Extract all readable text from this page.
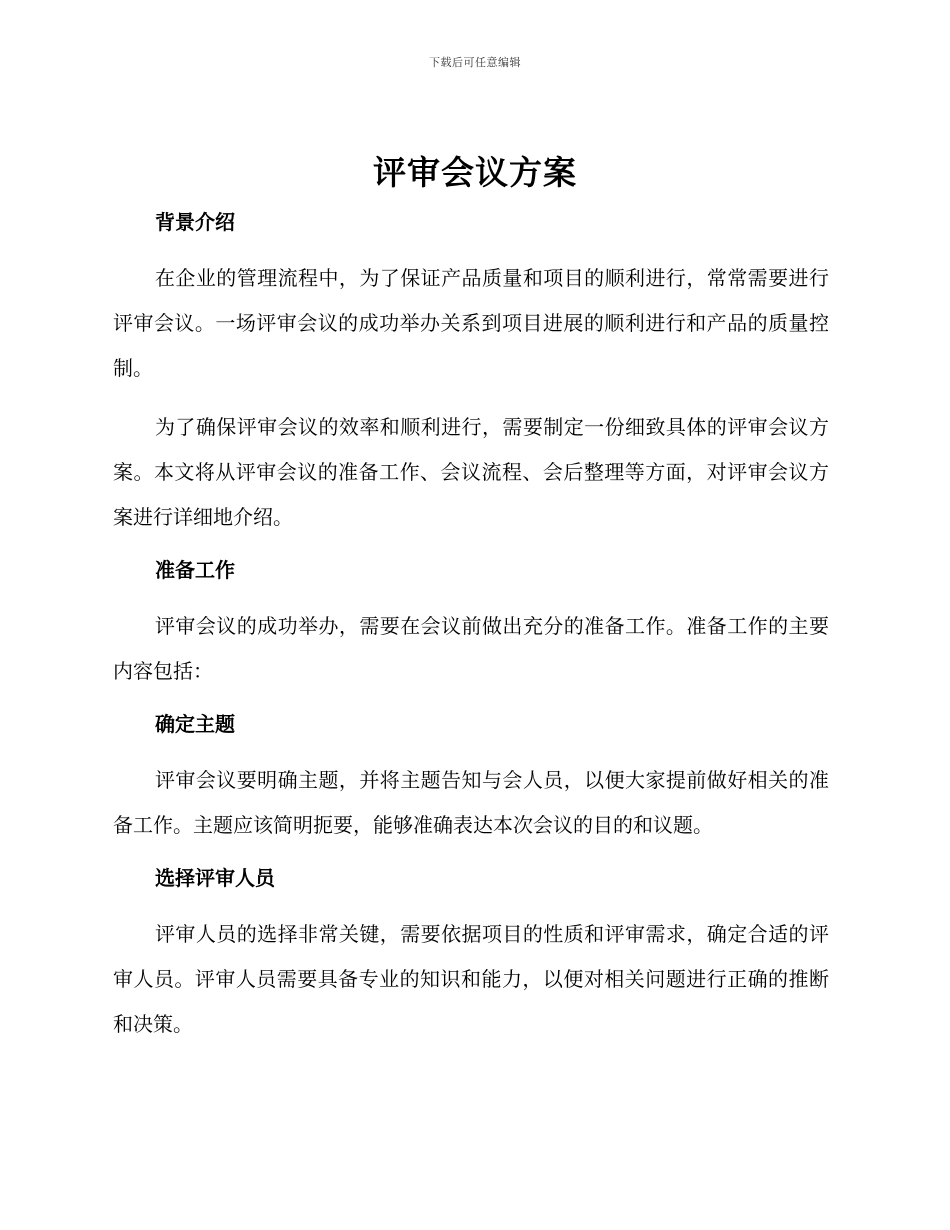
下载后可任意编辑
评审会议方案
背景介绍

在企业的管理流程中，为了保证产品质量和项目的顺利进行，常常需要进行评审会议。一场评审会议的成功举办关系到项目进展的顺利进行和产品的质量控制。

为了确保评审会议的效率和顺利进行，需要制定一份细致具体的评审会议方案。本文将从评审会议的准备工作、会议流程、会后整理等方面，对评审会议方案进行详细地介绍。

准备工作

评审会议的成功举办，需要在会议前做出充分的准备工作。准备工作的主要内容包括：

确定主题

评审会议要明确主题，并将主题告知与会人员，以便大家提前做好相关的准备工作。主题应该简明扼要，能够准确表达本次会议的目的和议题。

选择评审人员

评审人员的选择非常关键，需要依据项目的性质和评审需求，确定合适的评审人员。评审人员需要具备专业的知识和能力，以便对相关问题进行正确的推断和决策。
